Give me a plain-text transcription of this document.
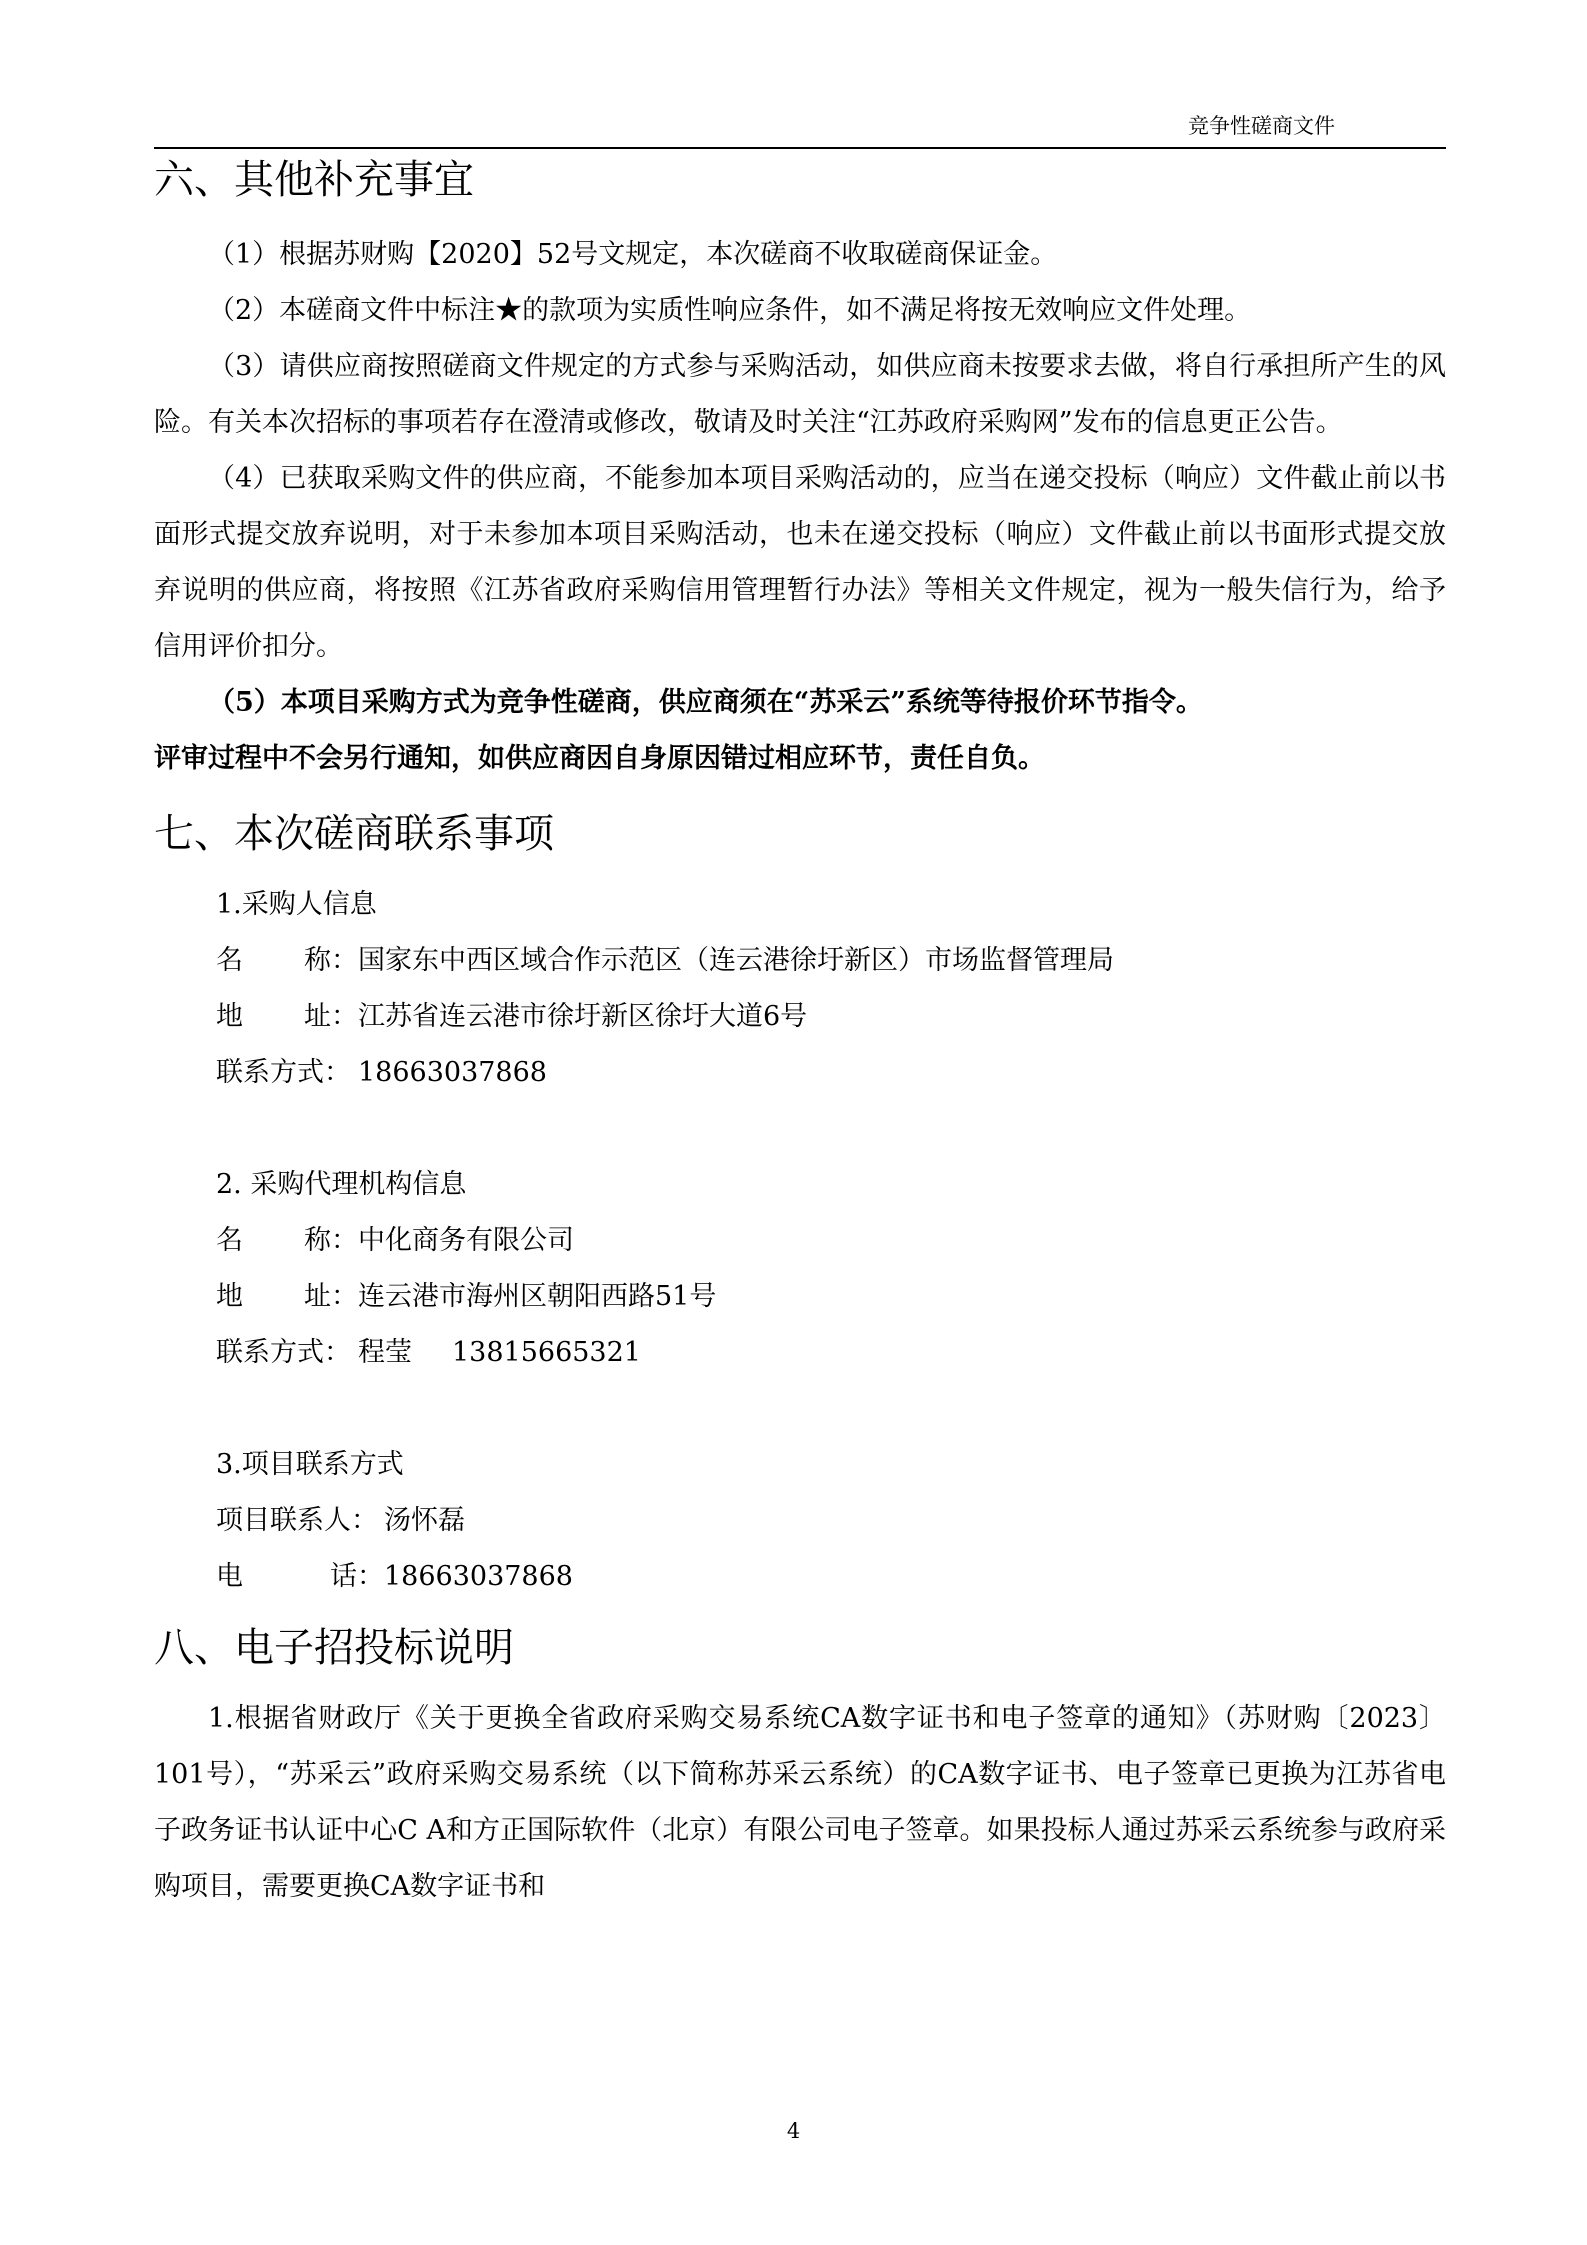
竞争性磋商文件
六、其他补充事宜

（1）根据苏财购【2020】52号文规定，本次磋商不收取磋商保证金。

（2）本磋商文件中标注★的款项为实质性响应条件，如不满足将按无效响应文件处理。

（3）请供应商按照磋商文件规定的方式参与采购活动，如供应商未按要求去做，将自行承担所产生的风险。有关本次招标的事项若存在澄清或修改，敬请及时关注“江苏政府采购网”发布的信息更正公告。

（4）已获取采购文件的供应商，不能参加本项目采购活动的，应当在递交投标（响应）文件截止前以书面形式提交放弃说明，对于未参加本项目采购活动，也未在递交投标（响应）文件截止前以书面形式提交放弃说明的供应商，将按照《江苏省政府采购信用管理暂行办法》等相关文件规定，视为一般失信行为，给予信用评价扣分。

（5）本项目采购方式为竞争性磋商，供应商须在“苏采云”系统等待报价环节指令。

评审过程中不会另行通知，如供应商因自身原因错过相应环节，责任自负。

七、本次磋商联系事项
1.采购人信息
名 称： 国家东中西区域合作示范区（连云港徐圩新区）市场监督管理局
地 址： 江苏省连云港市徐圩新区徐圩大道6号
联系方式： 18663037868
2. 采购代理机构信息
名 称： 中化商务有限公司
地 址： 连云港市海州区朝阳西路51号
联系方式： 程莹 13815665321
3.项目联系方式
项目联系人： 汤怀磊
电	话： 18663037868
八、电子招投标说明

1.根据省财政厅《关于更换全省政府采购交易系统CA数字证书和电子签章的通知》（苏财购〔2023〕101号），“苏采云”政府采购交易系统（以下简称苏采云系统）的CA数字证书、电子签章已更换为江苏省电子政务证书认证中心C A和方正国际软件（北京）有限公司电子签章。如果投标人通过苏采云系统参与政府采购项目，需要更换CA数字证书和

4
